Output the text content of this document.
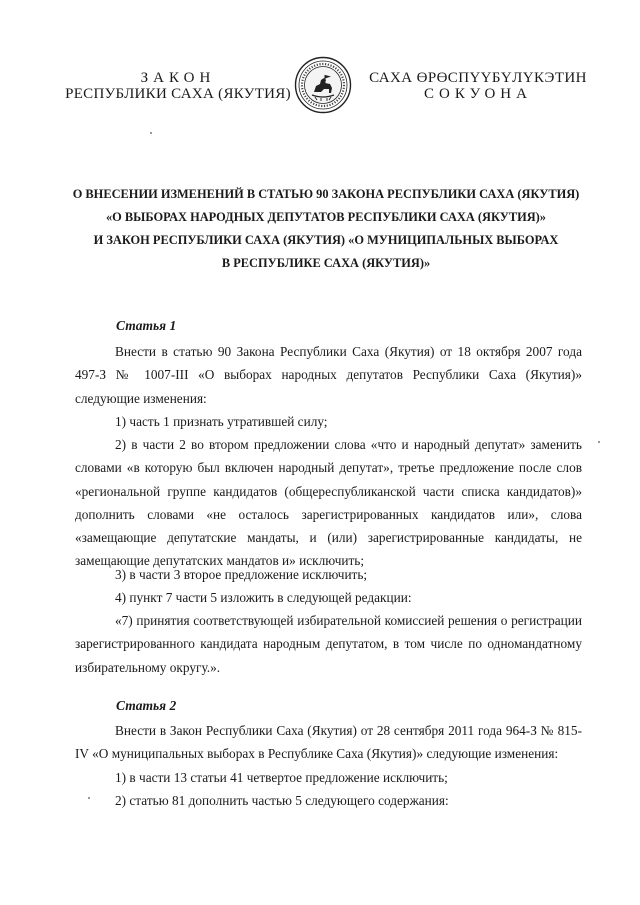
ЗАКОН
РЕСПУБЛИКИ САХА (ЯКУТИЯ)
САХА ӨРӨСПҮҮБҮЛҮКЭТИН
СОКУОНА
О ВНЕСЕНИИ ИЗМЕНЕНИЙ В СТАТЬЮ 90 ЗАКОНА РЕСПУБЛИКИ САХА (ЯКУТИЯ)
«О ВЫБОРАХ НАРОДНЫХ ДЕПУТАТОВ РЕСПУБЛИКИ САХА (ЯКУТИЯ)»
И ЗАКОН РЕСПУБЛИКИ САХА (ЯКУТИЯ) «О МУНИЦИПАЛЬНЫХ ВЫБОРАХ
В РЕСПУБЛИКЕ САХА (ЯКУТИЯ)»
Статья 1
Внести в статью 90 Закона Республики Саха (Якутия) от 18 октября 2007 года 497-З № 1007-III «О выборах народных депутатов Республики Саха (Якутия)» следующие изменения:
1) часть 1 признать утратившей силу;
2) в части 2 во втором предложении слова «что и народный депутат» заменить словами «в которую был включен народный депутат», третье предложение после слов «региональной группе кандидатов (общереспубликанской части списка кандидатов)» дополнить словами «не осталось зарегистрированных кандидатов или», слова «замещающие депутатские мандаты, и (или) зарегистрированные кандидаты, не замещающие депутатских мандатов и» исключить;
3) в части 3 второе предложение исключить;
4) пункт 7 части 5 изложить в следующей редакции:
«7) принятия соответствующей избирательной комиссией решения о регистрации зарегистрированного кандидата народным депутатом, в том числе по одномандатному избирательному округу.».
Статья 2
Внести в Закон Республики Саха (Якутия) от 28 сентября 2011 года 964-З № 815-IV «О муниципальных выборах в Республике Саха (Якутия)» следующие изменения:
1) в части 13 статьи 41 четвертое предложение исключить;
2) статью 81 дополнить частью 5 следующего содержания:
